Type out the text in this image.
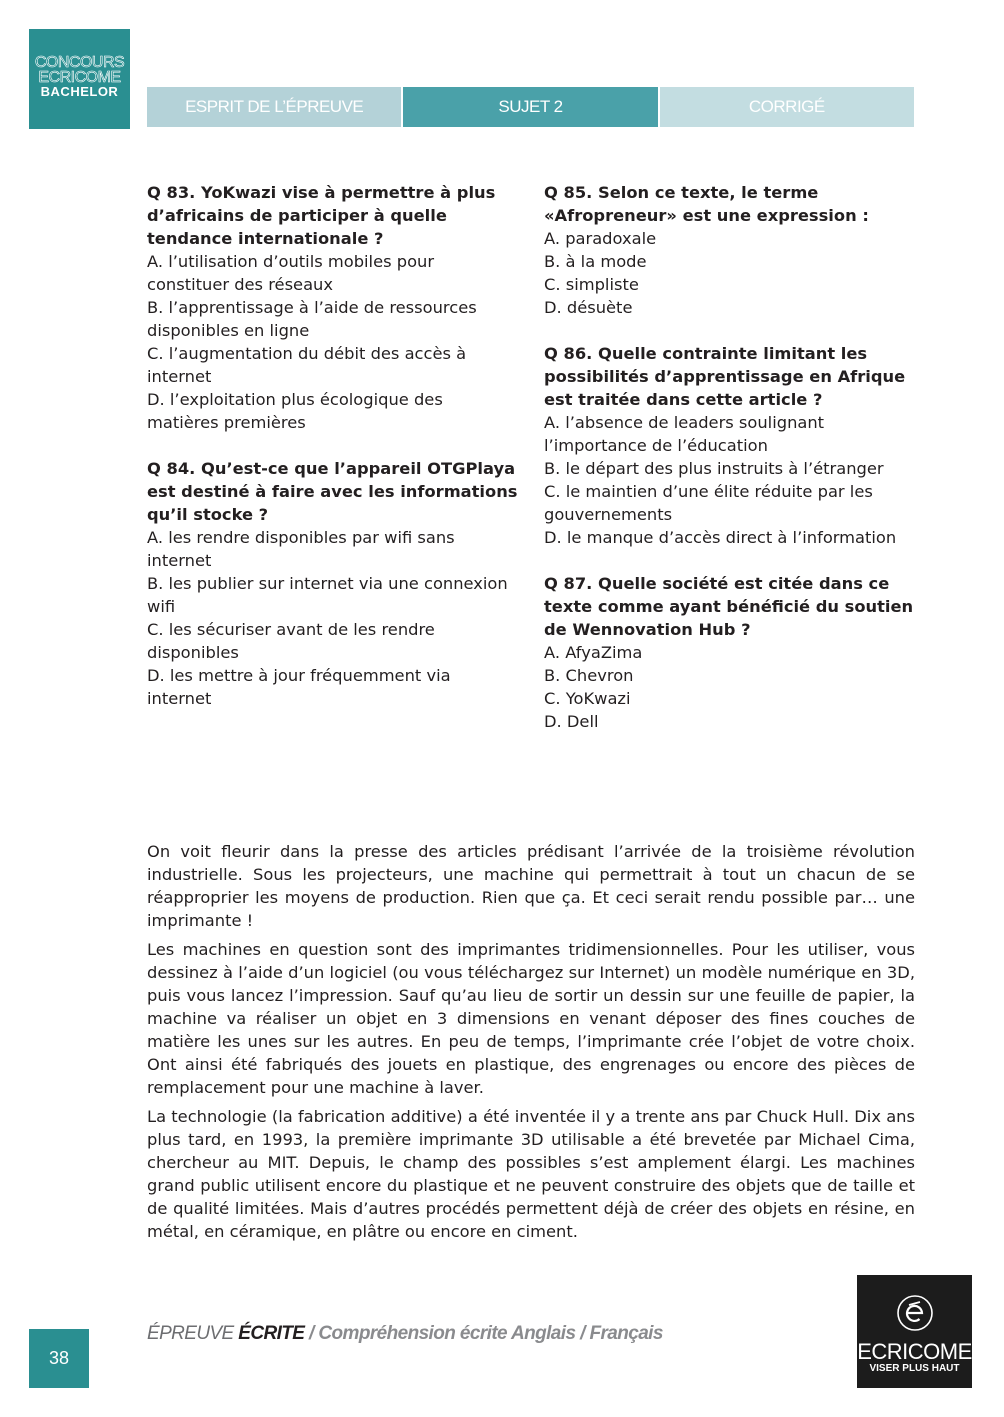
CONCOURS
ECRICOME
BACHELOR
ESPRIT DE L’ÉPREUVE	SUJET 2	CORRIGÉ
Q 83. YoKwazi vise à permettre à plus d’africains de participer à quelle tendance internationale ?
A. l’utilisation d’outils mobiles pour constituer des réseaux
B. l’apprentissage à l’aide de ressources disponibles en ligne
C. l’augmentation du débit des accès à internet
D. l’exploitation plus écologique des matières premières
Q 84. Qu’est-ce que l’appareil OTGPlaya est destiné à faire avec les informations qu’il stocke ?
A. les rendre disponibles par wifi sans internet
B. les publier sur internet via une connexion wifi
C. les sécuriser avant de les rendre disponibles
D. les mettre à jour fréquemment via internet
Q 85. Selon ce texte, le terme «Afropreneur» est une expression :
A. paradoxale
B. à la mode
C. simpliste
D. désuète
Q 86. Quelle contrainte limitant les possibilités d’apprentissage en Afrique est traitée dans cette article ?
A. l’absence de leaders soulignant l’importance de l’éducation
B. le départ des plus instruits à l’étranger
C. le maintien d’une élite réduite par les gouvernements
D. le manque d’accès direct à l’information
Q 87. Quelle société est citée dans ce texte comme ayant bénéficié du soutien de Wennovation Hub ?
A. AfyaZima
B. Chevron
C. YoKwazi
D. Dell

On voit fleurir dans la presse des articles prédisant l’arrivée de la troisième révolution industrielle. Sous les projecteurs, une machine qui permettrait à tout un chacun de se réapproprier les moyens de production. Rien que ça. Et ceci serait rendu possible par… une imprimante !

Les machines en question sont des imprimantes tridimensionnelles. Pour les utiliser, vous dessinez à l’aide d’un logiciel (ou vous téléchargez sur Internet) un modèle numérique en 3D, puis vous lancez l’impression. Sauf qu’au lieu de sortir un dessin sur une feuille de papier, la machine va réaliser un objet en 3 dimensions en venant déposer des fines couches de matière les unes sur les autres. En peu de temps, l’imprimante crée l’objet de votre choix. Ont ainsi été fabriqués des jouets en plastique, des engrenages ou encore des pièces de remplacement pour une machine à laver.

La technologie (la fabrication additive) a été inventée il y a trente ans par Chuck Hull. Dix ans plus tard, en 1993, la première imprimante 3D utilisable a été brevetée par Michael Cima, chercheur au MIT. Depuis, le champ des possibles s’est amplement élargi. Les machines grand public utilisent encore du plastique et ne peuvent construire des objets que de taille et de qualité limitées. Mais d’autres procédés permettent déjà de créer des objets en résine, en métal, en céramique, en plâtre ou encore en ciment.

38
ÉPREUVE ÉCRITE / Compréhension écrite Anglais / Français
ECRICOME
VISER PLUS HAUT
